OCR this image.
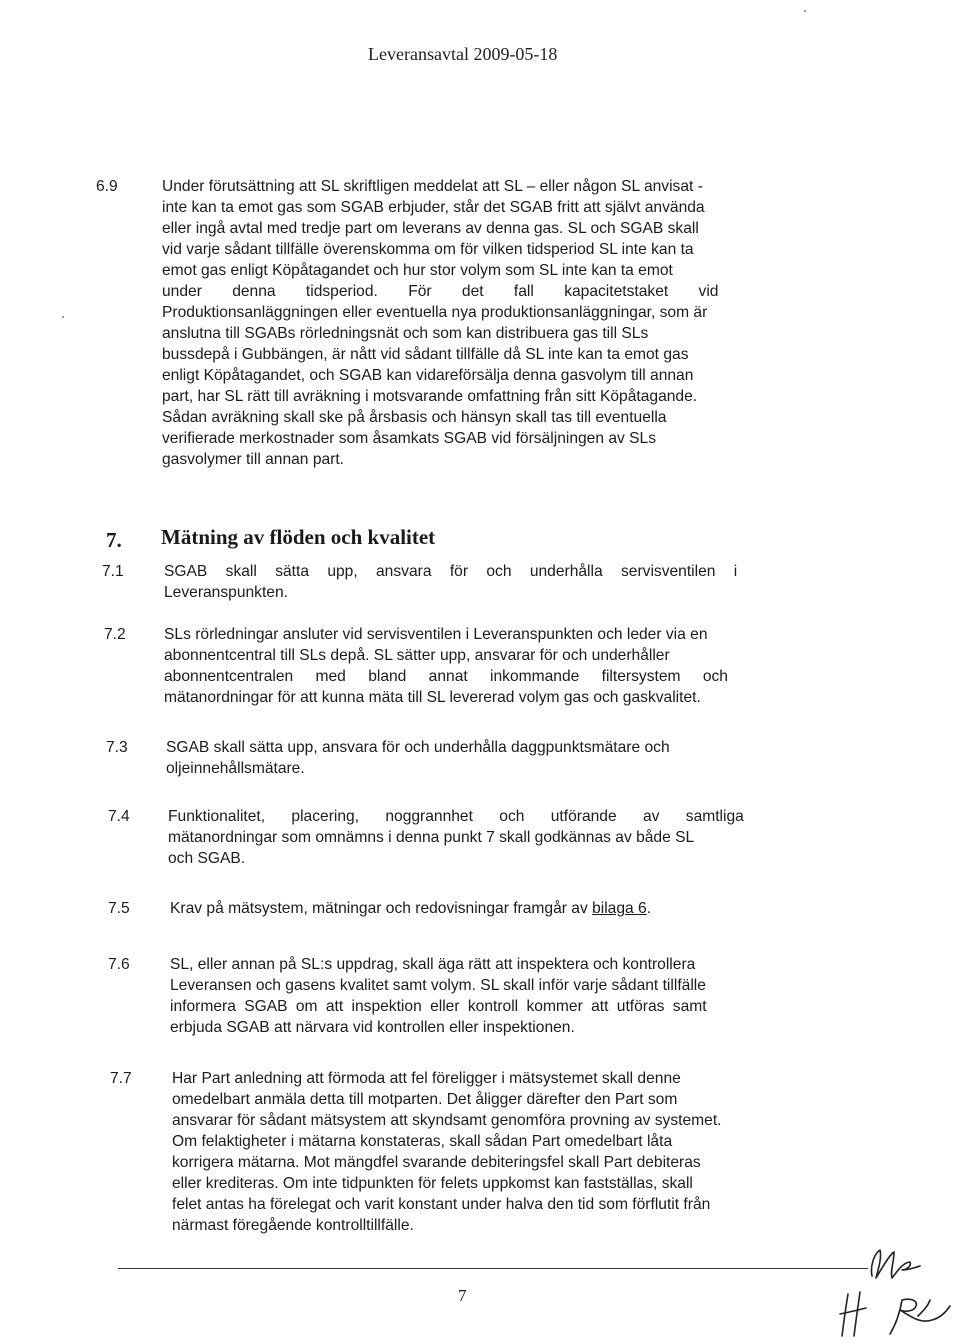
Leveransavtal 2009-05-18
6.9	Under förutsättning att SL skriftligen meddelat att SL – eller någon SL anvisat -
inte kan ta emot gas som SGAB erbjuder, står det SGAB fritt att självt använda
eller ingå avtal med tredje part om leverans av denna gas. SL och SGAB skall
vid varje sådant tillfälle överenskomma om för vilken tidsperiod SL inte kan ta
emot gas enligt Köpåtagandet och hur stor volym som SL inte kan ta emot
under denna tidsperiod. För det fall kapacitetstaket vid
Produktionsanläggningen eller eventuella nya produktionsanläggningar, som är
anslutna till SGABs rörledningsnät och som kan distribuera gas till SLs
bussdepå i Gubbängen, är nått vid sådant tillfälle då SL inte kan ta emot gas
enligt Köpåtagandet, och SGAB kan vidareförsälja denna gasvolym till annan
part, har SL rätt till avräkning i motsvarande omfattning från sitt Köpåtagande.
Sådan avräkning skall ske på årsbasis och hänsyn skall tas till eventuella
verifierade merkostnader som åsamkats SGAB vid försäljningen av SLs
gasvolymer till annan part.
7. Mätning av flöden och kvalitet
7.1	SGAB skall sätta upp, ansvara för och underhålla servisventilen i
Leveranspunkten.
7.2 SLs rörledningar ansluter vid servisventilen i Leveranspunkten och leder via en
abonnentcentral till SLs depå. SL sätter upp, ansvarar för och underhåller
abonnentcentralen med bland annat inkommande filtersystem och
mätanordningar för att kunna mäta till SL levererad volym gas och gaskvalitet.
7.3 SGAB skall sätta upp, ansvara för och underhålla daggpunktsmätare och
oljeinnehållsmätare.
7.4 Funktionalitet, placering, noggrannhet och utförande av samtliga
mätanordningar som omnämns i denna punkt 7 skall godkännas av både SL
och SGAB.
7.5	Krav på mätsystem, mätningar och redovisningar framgår av bilaga 6.
7.6	SL, eller annan på SL:s uppdrag, skall äga rätt att inspektera och kontrollera
Leveransen och gasens kvalitet samt volym. SL skall inför varje sådant tillfälle
informera SGAB om att inspektion eller kontroll kommer att utföras samt
erbjuda SGAB att närvara vid kontrollen eller inspektionen.
7.7	Har Part anledning att förmoda att fel föreligger i mätsystemet skall denne
omedelbart anmäla detta till motparten. Det åligger därefter den Part som
ansvarar för sådant mätsystem att skyndsamt genomföra provning av systemet.
Om felaktigheter i mätarna konstateras, skall sådan Part omedelbart låta
korrigera mätarna. Mot mängdfel svarande debiteringsfel skall Part debiteras
eller krediteras. Om inte tidpunkten för felets uppkomst kan fastställas, skall
felet antas ha förelegat och varit konstant under halva den tid som förflutit från
närmast föregående kontrolltillfälle.
7
